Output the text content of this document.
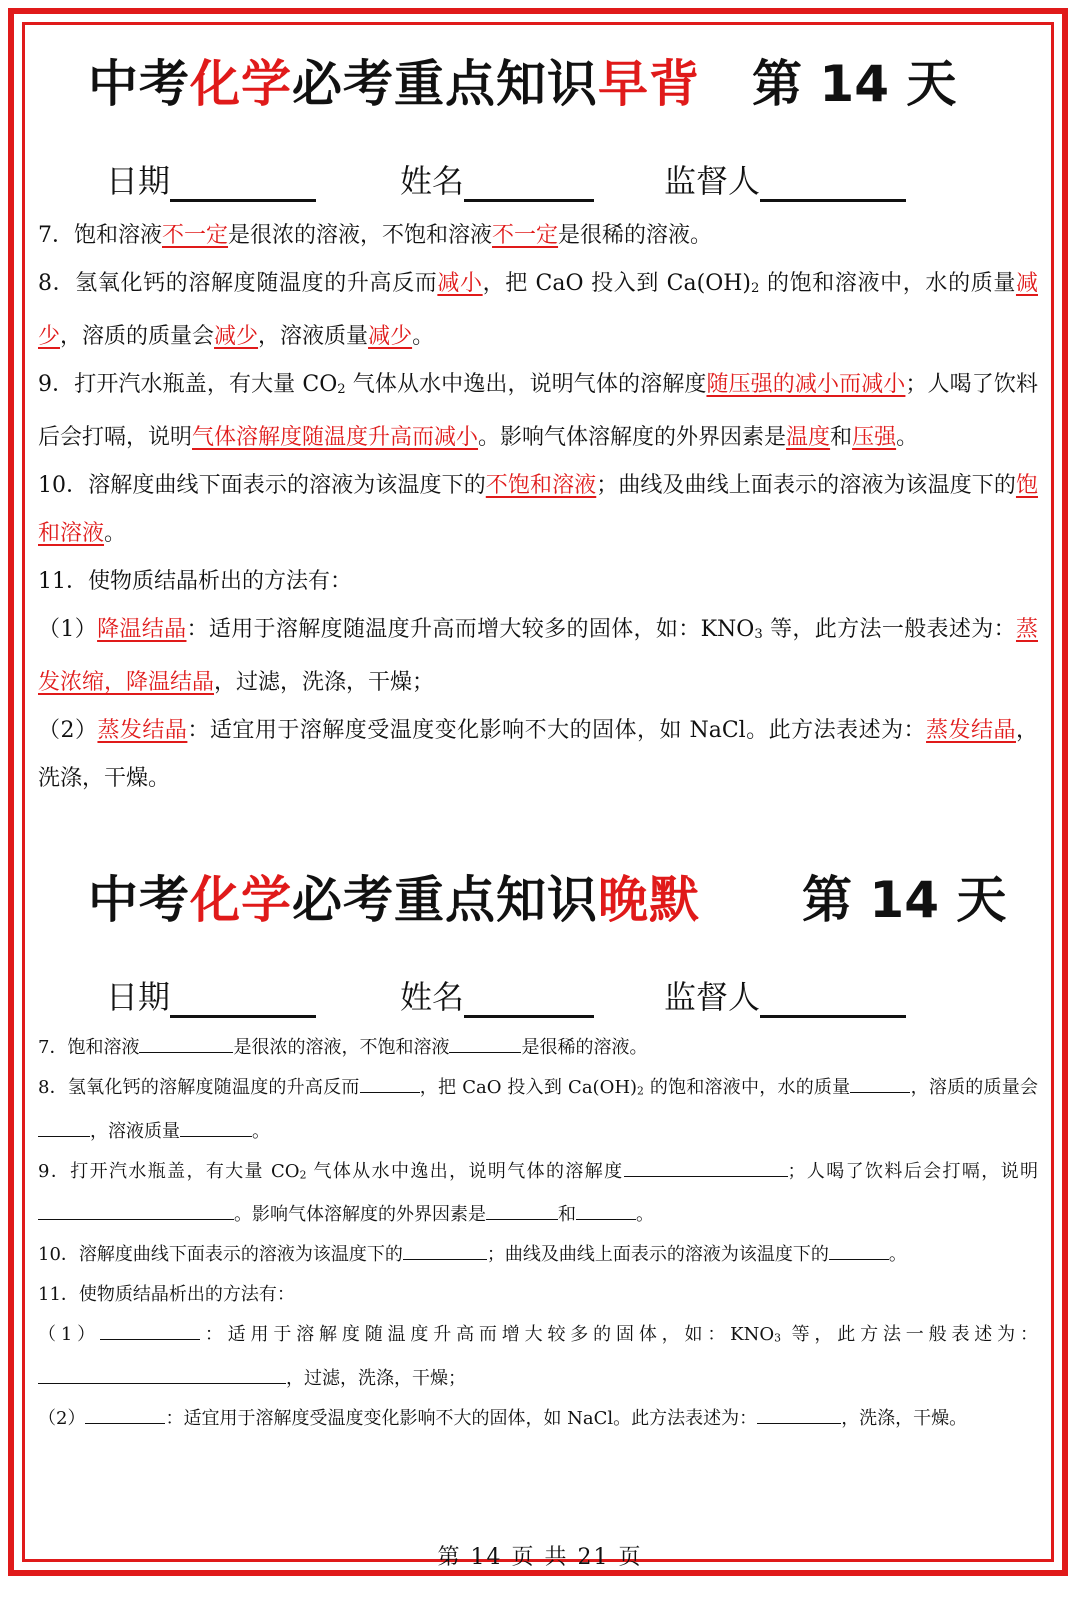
中考化学必考重点知识早背 第 14 天
日期	姓名	监督人

7．饱和溶液不一定是很浓的溶液，不饱和溶液不一定是很稀的溶液。

8．氢氧化钙的溶解度随温度的升高反而减小，把 CaO 投入到 $Ca(OH)_2$ 的饱和溶液中，水的质量减少，溶质的质量会减少，溶液质量减少。

9．打开汽水瓶盖，有大量 $CO_2$ 气体从水中逸出，说明气体的溶解度随压强的减小而减小；人喝了饮料后会打嗝，说明气体溶解度随温度升高而减小。影响气体溶解度的外界因素是温度和压强。

10．溶解度曲线下面表示的溶液为该温度下的不饱和溶液；曲线及曲线上面表示的溶液为该温度下的饱和溶液。

11．使物质结晶析出的方法有：

（1）降温结晶：适用于溶解度随温度升高而增大较多的固体，如：$KNO_3$ 等，此方法一般表述为：蒸发浓缩，降温结晶，过滤，洗涤，干燥；

（2）蒸发结晶：适宜用于溶解度受温度变化影响不大的固体，如 NaCl。此方法表述为：蒸发结晶，洗涤，干燥。

中考化学必考重点知识晚默 第 14 天
日期	姓名	监督人

7．饱和溶液	是很浓的溶液，不饱和溶液	是很稀的溶液。

8．氢氧化钙的溶解度随温度的升高反而	，把 CaO 投入到 $Ca(OH)_2$ 的饱和溶液中，水的质量	，溶质的质量会，溶液质量	。

9．打开汽水瓶盖，有大量 $CO_2$ 气体从水中逸出，说明气体的溶解度	；人喝了饮料后会打嗝，说明。影响气体溶解度的外界因素是	和	。

10．溶解度曲线下面表示的溶液为该温度下的	；曲线及曲线上面表示的溶液为该温度下的	。

11．使物质结晶析出的方法有：

（1）	：适用于溶解度随温度升高而增大较多的固体，如：$KNO_3$ 等，此方法一般表述为：，过滤，洗涤，干燥；

（2）	：适宜用于溶解度受温度变化影响不大的固体，如 NaCl。此方法表述为：	，洗涤，干燥。

第 14 页 共 21 页
